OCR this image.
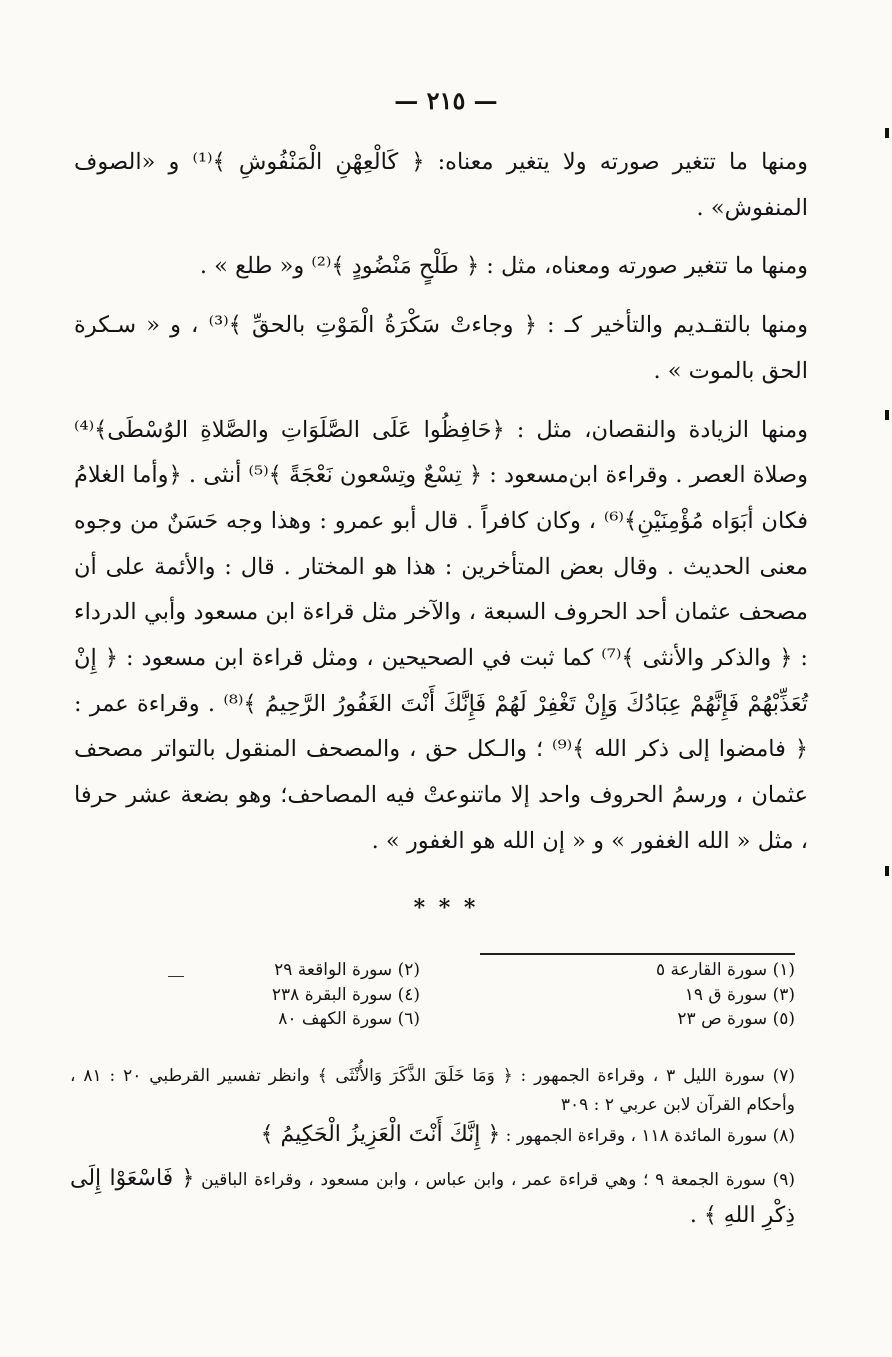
— ٢١٥ —

ومنها ما تتغير صورته ولا يتغير معناه: ﴿ كَالْعِهْنِ الْمَنْفُوشِ ﴾⁽¹⁾ و «الصوف المنفوش» .

ومنها ما تتغير صورته ومعناه، مثل : ﴿ طَلْحٍ مَنْضُودٍ ﴾⁽²⁾ و« طلع » .

ومنها بالتقـديم والتأخير كـ : ﴿ وجاءتْ سَكْرَةُ الْمَوْتِ بالحقِّ ﴾⁽³⁾ ، و « سـكرة الحق بالموت » .

ومنها الزيادة والنقصان، مثل : ﴿حَافِظُوا عَلَى الصَّلَوَاتِ والصَّلاةِ الوُسْطَى﴾⁽⁴⁾وصلاة العصر . وقراءة ابن‌مسعود : ﴿ تِسْعٌ وتِسْعون نَعْجَةً ﴾⁽⁵⁾ أنثى . ﴿وأما الغلامُ فكان أبَوَاه مُؤْمِنَيْنِ﴾⁽⁶⁾ ، وكان كافراً . قال أبو عمرو : وهذا وجه حَسَنٌ من وجوه معنى الحديث . وقال بعض المتأخرين : هذا هو المختار . قال : والأئمة على أن مصحف عثمان أحد الحروف السبعة ، والآخر مثل قراءة ابن مسعود وأبي الدرداء : ﴿ والذكر والأنثى ﴾⁽⁷⁾ كما ثبت في الصحيحين ، ومثل قراءة ابن مسعود : ﴿ إِنْ تُعَذِّبْهُمْ فَإِنَّهُمْ عِبَادُكَ وَإِنْ تَغْفِرْ لَهُمْ فَإِنَّكَ أَنْتَ الغَفُورُ الرَّحِيمُ ﴾⁽⁸⁾ . وقراءة عمر : ﴿ فامضوا إلى ذكر الله ﴾⁽⁹⁾ ؛ والـكل حق ، والمصحف المنقول بالتواتر مصحف عثمان ، ورسمُ الحروف واحد إلا ماتنوعتْ فيه المصاحف؛ وهو بضعة عشر حرفا ، مثل « الله الغفور » و « إن الله هو الغفور » .

* * *
(١) سورة القارعة ٥
(٢) سورة الواقعة ٢٩
(٣) سورة ق ١٩
(٤) سورة البقرة ٢٣٨
(٥) سورة ص ٢٣
(٦) سورة الكهف ٨٠

(٧) سورة الليل ٣ ، وقراءة الجمهور : ﴿ وَمَا خَلَقَ الذَّكَرَ وَالأُنْثَى ﴾ وانظر تفسير القرطبي ٢٠ : ٨١ ، وأحكام القرآن لابن عربي ٢ : ٣٠٩

(٨) سورة المائدة ١١٨ ، وقراءة الجمهور : ﴿ إِنَّكَ أَنْتَ الْعَزِيزُ الْحَكِيمُ ﴾

(٩) سورة الجمعة ٩ ؛ وهي قراءة عمر ، وابن عباس ، وابن مسعود ، وقراءة الباقين ﴿ فَاسْعَوْا إِلَى ذِكْرِ اللهِ ﴾ .
